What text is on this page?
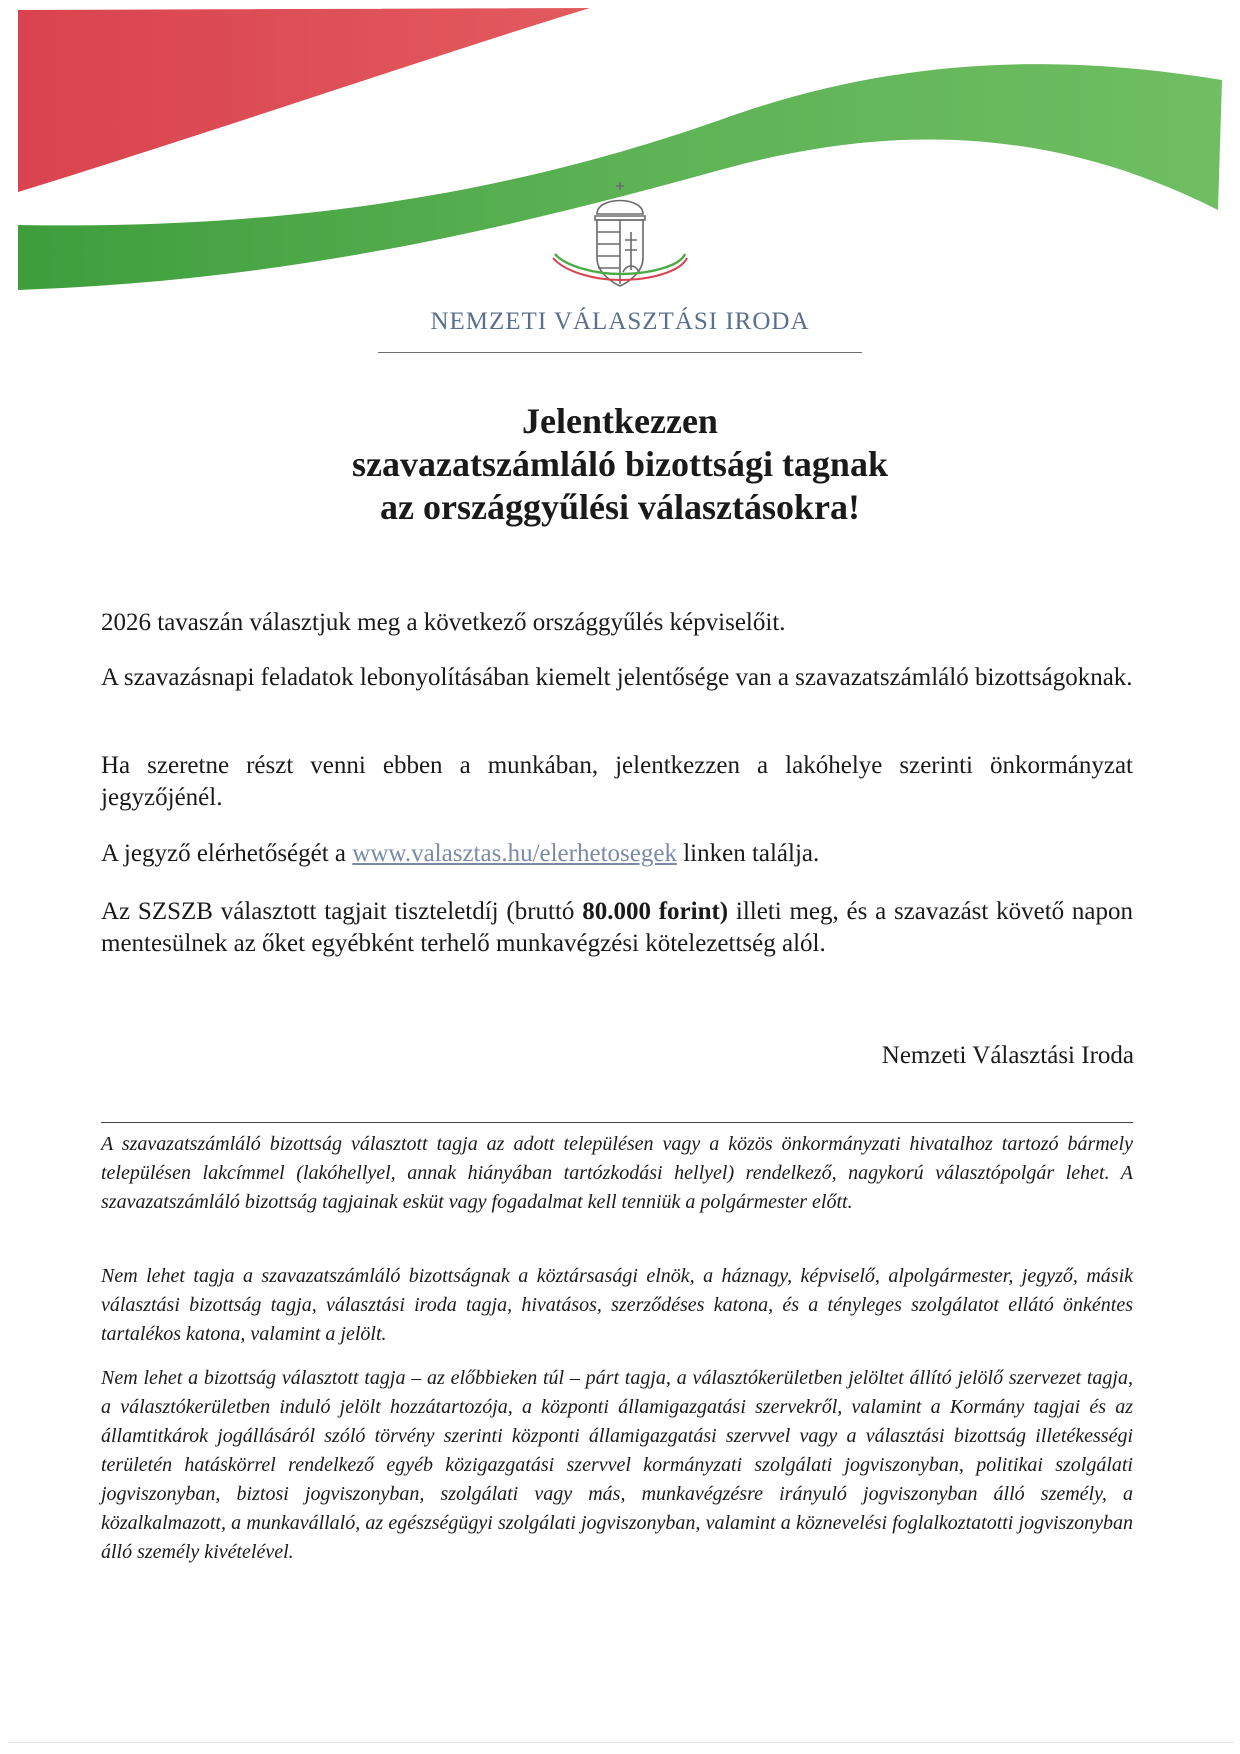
NEMZETI VÁLASZTÁSI IRODA
Jelentkezzen
szavazatszámláló bizottsági tagnak
az országgyűlési választásokra!

2026 tavaszán választjuk meg a következő országgyűlés képviselőit.

A szavazásnapi feladatok lebonyolításában kiemelt jelentősége van a szavazatszámláló bizottságoknak.

Ha szeretne részt venni ebben a munkában, jelentkezzen a lakóhelye szerinti önkormányzat jegyzőjénél.

A jegyző elérhetőségét a www.valasztas.hu/elerhetosegek linken találja.

Az SZSZB választott tagjait tiszteletdíj (bruttó 80.000 forint) illeti meg, és a szavazást követő napon mentesülnek az őket egyébként terhelő munkavégzési kötelezettség alól.

Nemzeti Választási Iroda

A szavazatszámláló bizottság választott tagja az adott településen vagy a közös önkormányzati hivatalhoz tartozó bármely településen lakcímmel (lakóhellyel, annak hiányában tartózkodási hellyel) rendelkező, nagykorú választópolgár lehet. A szavazatszámláló bizottság tagjainak esküt vagy fogadalmat kell tenniük a polgármester előtt.

Nem lehet tagja a szavazatszámláló bizottságnak a köztársasági elnök, a háznagy, képviselő, alpolgármester, jegyző, másik választási bizottság tagja, választási iroda tagja, hivatásos, szerződéses katona, és a tényleges szolgálatot ellátó önkéntes tartalékos katona, valamint a jelölt.

Nem lehet a bizottság választott tagja – az előbbieken túl – párt tagja, a választókerületben jelöltet állító jelölő szervezet tagja, a választókerületben induló jelölt hozzátartozója, a központi államigazgatási szervekről, valamint a Kormány tagjai és az államtitkárok jogállásáról szóló törvény szerinti központi államigazgatási szervvel vagy a választási bizottság illetékességi területén hatáskörrel rendelkező egyéb közigazgatási szervvel kormányzati szolgálati jogviszonyban, politikai szolgálati jogviszonyban, biztosi jogviszonyban, szolgálati vagy más, munkavégzésre irányuló jogviszonyban álló személy, a közalkalmazott, a munkavállaló, az egészségügyi szolgálati jogviszonyban, valamint a köznevelési foglalkoztatotti jogviszonyban álló személy kivételével.
